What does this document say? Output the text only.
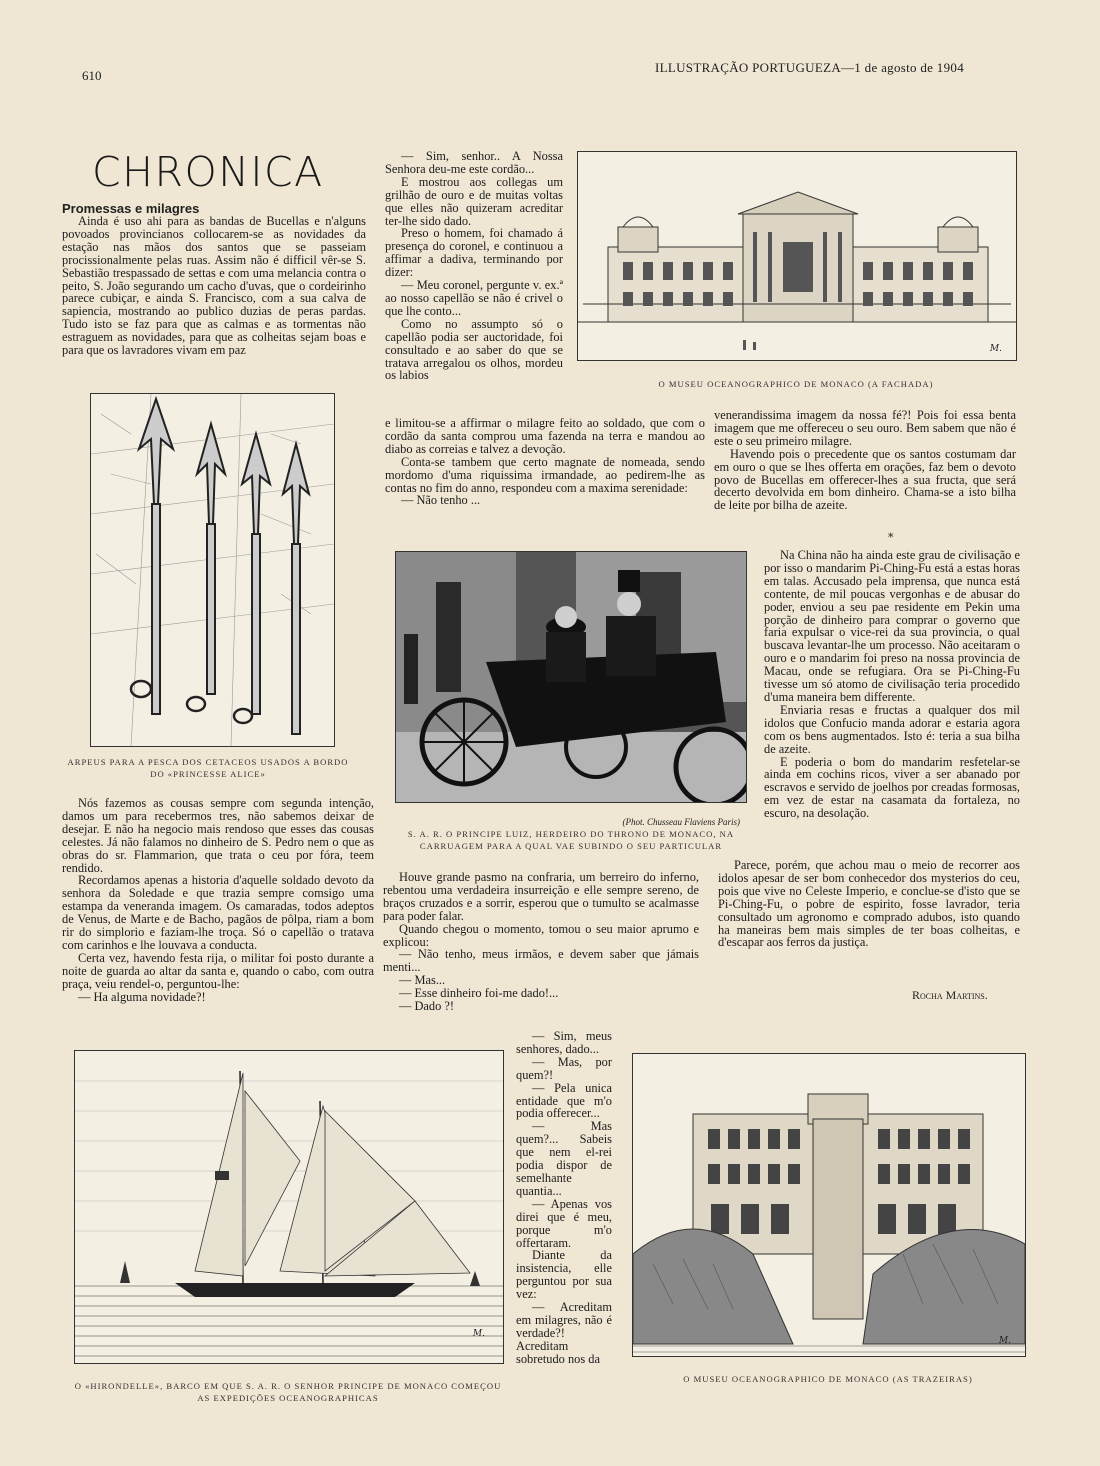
610
ILLUSTRAÇÃO PORTUGUEZA—1 de agosto de 1904
CHRONICA
Promessas e milagres

Ainda é uso ahi para as bandas de Bucellas e n'alguns povoados provincianos collocarem-se as novidades da estação nas mãos dos santos que se passeiam procissionalmente pelas ruas. Assim não é difficil vêr-se S. Sebastião trespassado de settas e com uma melancia contra o peito, S. João segurando um cacho d'uvas, que o cordeirinho parece cubiçar, e ainda S. Francisco, com a sua calva de sapiencia, mostrando ao publico duzias de peras pardas. Tudo isto se faz para que as calmas e as tormentas não estraguem as novidades, para que as colheitas sejam boas e para que os lavradores vivam em paz

ARPEUS PARA A PESCA DOS CETACEOS USADOS A BORDO DO «PRINCESSE ALICE»

Nós fazemos as cousas sempre com segunda intenção, damos um para recebermos tres, não sabemos deixar de desejar. E não ha negocio mais rendoso que esses das cousas celestes. Já não falamos no dinheiro de S. Pedro nem o que as obras do sr. Flammarion, que trata o ceu por fóra, teem rendido.

Recordamos apenas a historia d'aquelle soldado devoto da senhora da Soledade e que trazia sempre comsigo uma estampa da veneranda imagem. Os camaradas, todos adeptos de Venus, de Marte e de Bacho, pagãos de pôlpa, riam a bom rir do simplorio e faziam-lhe troça. Só o capellão o tratava com carinhos e lhe louvava a conducta.

Certa vez, havendo festa rija, o militar foi posto durante a noite de guarda ao altar da santa e, quando o cabo, com outra praça, veiu rendel-o, perguntou-lhe:

— Ha alguma novidade?!

— Sim, senhor.. A Nossa Senhora deu-me este cordão...

E mostrou aos collegas um grilhão de ouro e de muitas voltas que elles não quizeram acreditar ter-lhe sido dado.

Preso o homem, foi chamado á presença do coronel, e continuou a affimar a dadiva, terminando por dizer:

— Meu coronel, pergunte v. ex.ª ao nosso capellão se não é crivel o que lhe conto...

Como no assumpto só o capellão podia ser auctoridade, foi consultado e ao saber do que se tratava arregalou os olhos, mordeu os labios

e limitou-se a affirmar o milagre feito ao soldado, que com o cordão da santa comprou uma fazenda na terra e mandou ao diabo as correias e talvez a devoção.

Conta-se tambem que certo magnate de nomeada, sendo mordomo d'uma riquissima irmandade, ao pedirem-lhe as contas no fim do anno, respondeu com a maxima serenidade:

— Não tenho ...

M.
O MUSEU OCEANOGRAPHICO DE MONACO (A FACHADA)

venerandissima imagem da nossa fé?! Pois foi essa benta imagem que me offereceu o seu ouro. Bem sabem que não é este o seu primeiro milagre.

Havendo pois o precedente que os santos costumam dar em ouro o que se lhes offerta em orações, faz bem o devoto povo de Bucellas em offerecer-lhes a sua fructa, que será decerto devolvida em bom dinheiro. Chama-se a isto bilha de leite por bilha de azeite.

*
(Phot. Chusseau Flaviens Paris)
S. A. R. O PRINCIPE LUIZ, HERDEIRO DO THRONO DE MONACO, NA CARRUAGEM PARA A QUAL VAE SUBINDO O SEU PARTICULAR

Na China não ha ainda este grau de civilisação e por isso o mandarim Pi-Ching-Fu está a estas horas em talas. Accusado pela imprensa, que nunca está contente, de mil poucas vergonhas e de abusar do poder, enviou a seu pae residente em Pekin uma porção de dinheiro para comprar o governo que faria expulsar o vice-rei da sua provincia, o qual buscava levantar-lhe um processo. Não aceitaram o ouro e o mandarim foi preso na nossa provincia de Macau, onde se refugiara. Ora se Pi-Ching-Fu tivesse um só atomo de civilisação teria procedido d'uma maneira bem differente.

Enviaria resas e fructas a qualquer dos mil idolos que Confucio manda adorar e estaria agora com os bens augmentados. Isto é: teria a sua bilha de azeite.

E poderia o bom do mandarim resfetelar-se ainda em cochins ricos, viver a ser abanado por escravos e servido de joelhos por creadas formosas, em vez de estar na casamata da fortaleza, no escuro, na desolação.

Houve grande pasmo na confraria, um berreiro do inferno, rebentou uma verdadeira insurreição e elle sempre sereno, de braços cruzados e a sorrir, esperou que o tumulto se acalmasse para poder falar.

Quando chegou o momento, tomou o seu maior aprumo e explicou:

— Não tenho, meus irmãos, e devem saber que jámais menti...

— Mas...

— Esse dinheiro foi-me dado!...

— Dado ?!

Parece, porém, que achou mau o meio de recorrer aos idolos apesar de ser bom conhecedor dos mysterios do ceu, pois que vive no Celeste Imperio, e conclue-se d'isto que se Pi-Ching-Fu, o pobre de espirito, fosse lavrador, teria consultado um agronomo e comprado adubos, isto quando ha maneiras bem mais simples de ter boas colheitas, e d'escapar aos ferros da justiça.

Rocha Martins.
M.
O «HIRONDELLE», BARCO EM QUE S. A. R. O SENHOR PRINCIPE DE MONACO COMEÇOU AS EXPEDIÇÕES OCEANOGRAPHICAS

— Sim, meus senhores, dado...

— Mas, por quem?!

— Pela unica entidade que m'o podia offerecer...

— Mas quem?... Sabeis que nem el-rei podia dispor de semelhante quantia...

— Apenas vos direi que é meu, porque m'o offertaram.

Diante da insistencia, elle perguntou por sua vez:

— Acreditam em milagres, não é verdade?! Acreditam sobretudo nos da

M.
O MUSEU OCEANOGRAPHICO DE MONACO (AS TRAZEIRAS)
